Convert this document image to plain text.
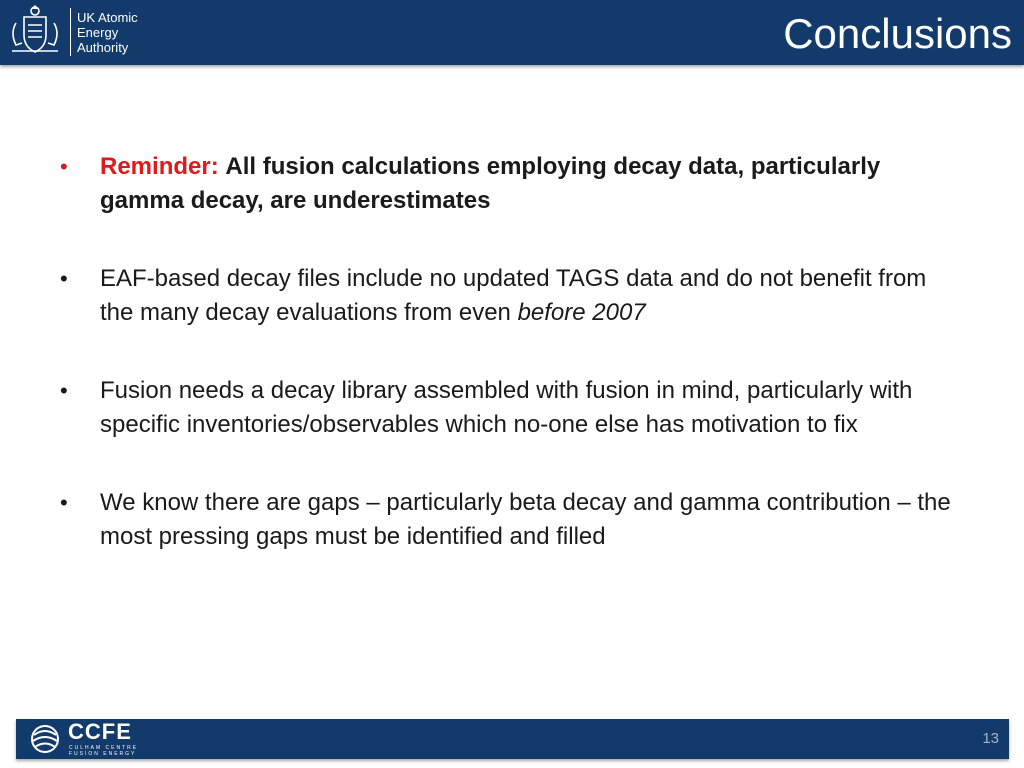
UK Atomic
Energy
Authority	Conclusions
• Reminder: All fusion calculations employing decay data, particularly gamma decay, are underestimates
• EAF-based decay files include no updated TAGS data and do not benefit from the many decay evaluations from even before 2007
• Fusion needs a decay library assembled with fusion in mind, particularly with specific inventories/observables which no-one else has motivation to fix
• We know there are gaps – particularly beta decay and gamma contribution – the most pressing gaps must be identified and filled
CCFE
CULHAM CENTRE
FUSION ENERGY
13
